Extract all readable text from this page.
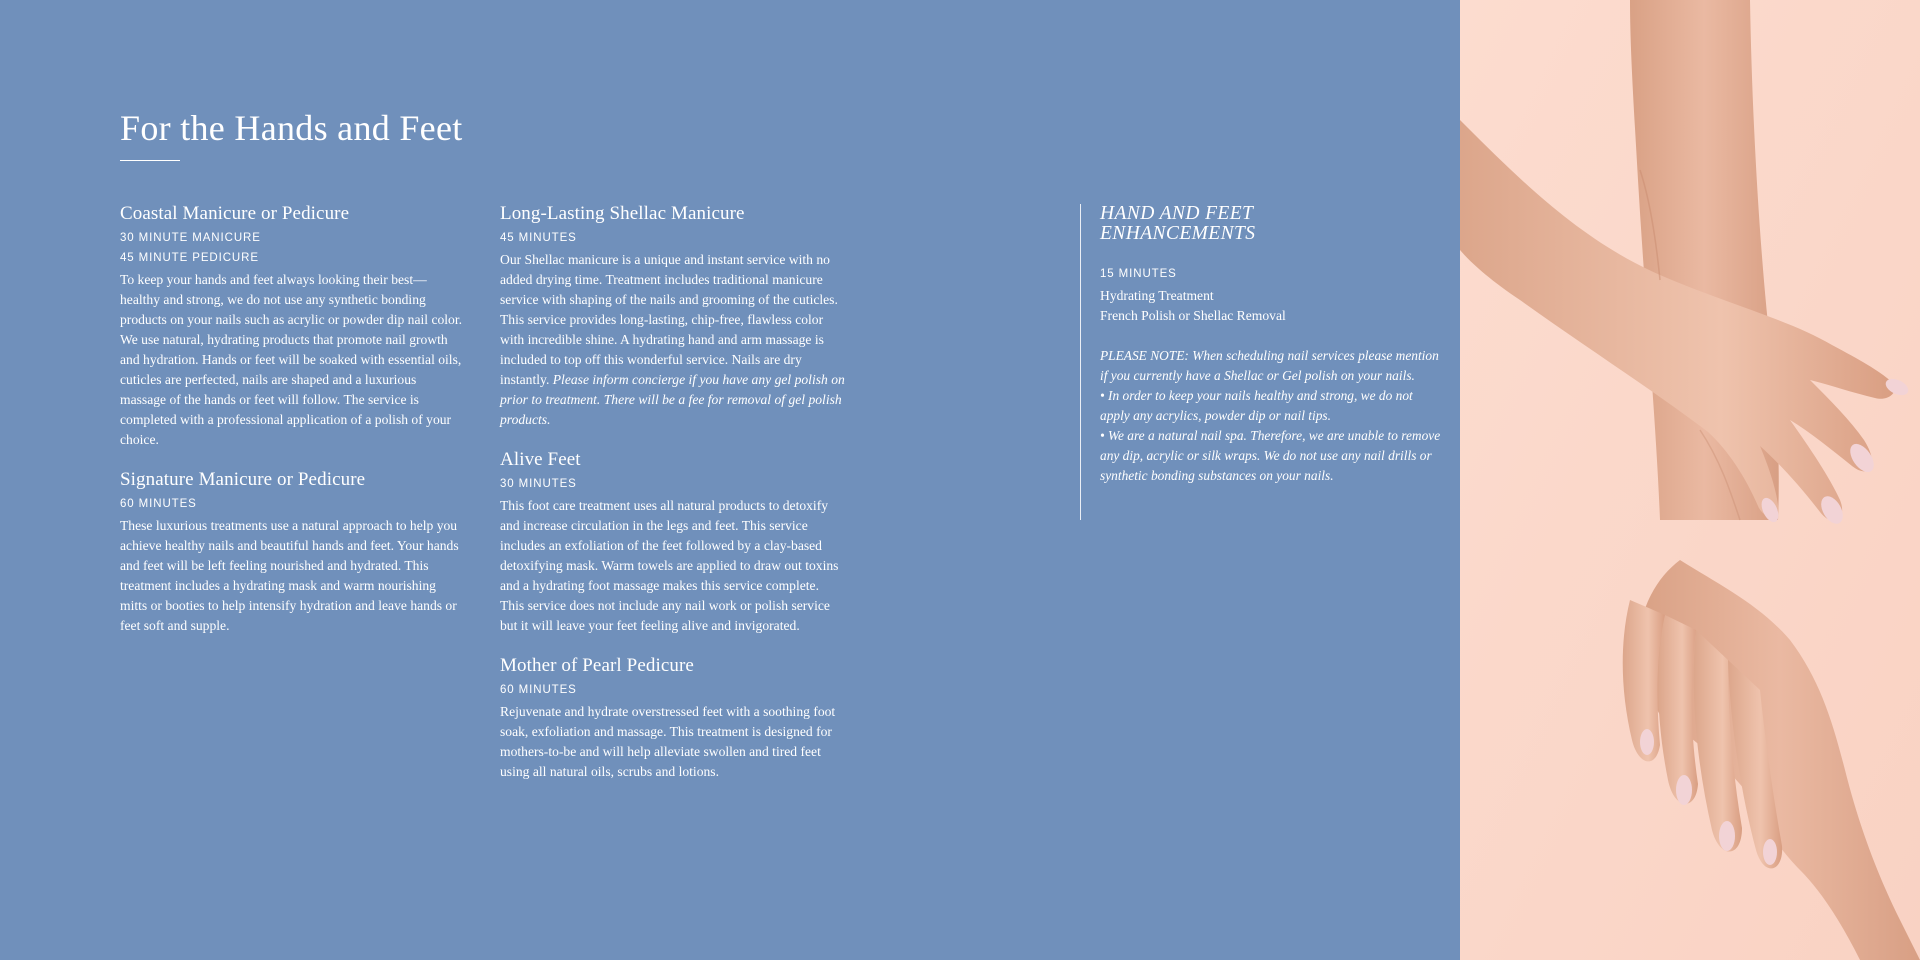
For the Hands and Feet
Coastal Manicure or Pedicure
30 MINUTE MANICURE
45 MINUTE PEDICURE

To keep your hands and feet always looking their best—healthy and strong, we do not use any synthetic bonding products on your nails such as acrylic or powder dip nail color. We use natural, hydrating products that promote nail growth and hydration. Hands or feet will be soaked with essential oils, cuticles are perfected, nails are shaped and a luxurious massage of the hands or feet will follow. The service is completed with a professional application of a polish of your choice.

Signature Manicure or Pedicure
60 MINUTES

These luxurious treatments use a natural approach to help you achieve healthy nails and beautiful hands and feet. Your hands and feet will be left feeling nourished and hydrated. This treatment includes a hydrating mask and warm nourishing mitts or booties to help intensify hydration and leave hands or feet soft and supple.

Long-Lasting Shellac Manicure
45 MINUTES

Our Shellac manicure is a unique and instant service with no added drying time. Treatment includes traditional manicure service with shaping of the nails and grooming of the cuticles. This service provides long-lasting, chip-free, flawless color with incredible shine. A hydrating hand and arm massage is included to top off this wonderful service. Nails are dry instantly. Please inform concierge if you have any gel polish on prior to treatment. There will be a fee for removal of gel polish products.

Alive Feet
30 MINUTES

This foot care treatment uses all natural products to detoxify and increase circulation in the legs and feet. This service includes an exfoliation of the feet followed by a clay-based detoxifying mask. Warm towels are applied to draw out toxins and a hydrating foot massage makes this service complete. This service does not include any nail work or polish service but it will leave your feet feeling alive and invigorated.

Mother of Pearl Pedicure
60 MINUTES

Rejuvenate and hydrate overstressed feet with a soothing foot soak, exfoliation and massage. This treatment is designed for mothers-to-be and will help alleviate swollen and tired feet using all natural oils, scrubs and lotions.

HAND AND FEET
ENHANCEMENTS
15 MINUTES
Hydrating Treatment
French Polish or Shellac Removal

PLEASE NOTE: When scheduling nail services please mention if you currently have a Shellac or Gel polish on your nails.

• In order to keep your nails healthy and strong, we do not apply any acrylics, powder dip or nail tips.

• We are a natural nail spa. Therefore, we are unable to remove any dip, acrylic or silk wraps. We do not use any nail drills or synthetic bonding substances on your nails.
